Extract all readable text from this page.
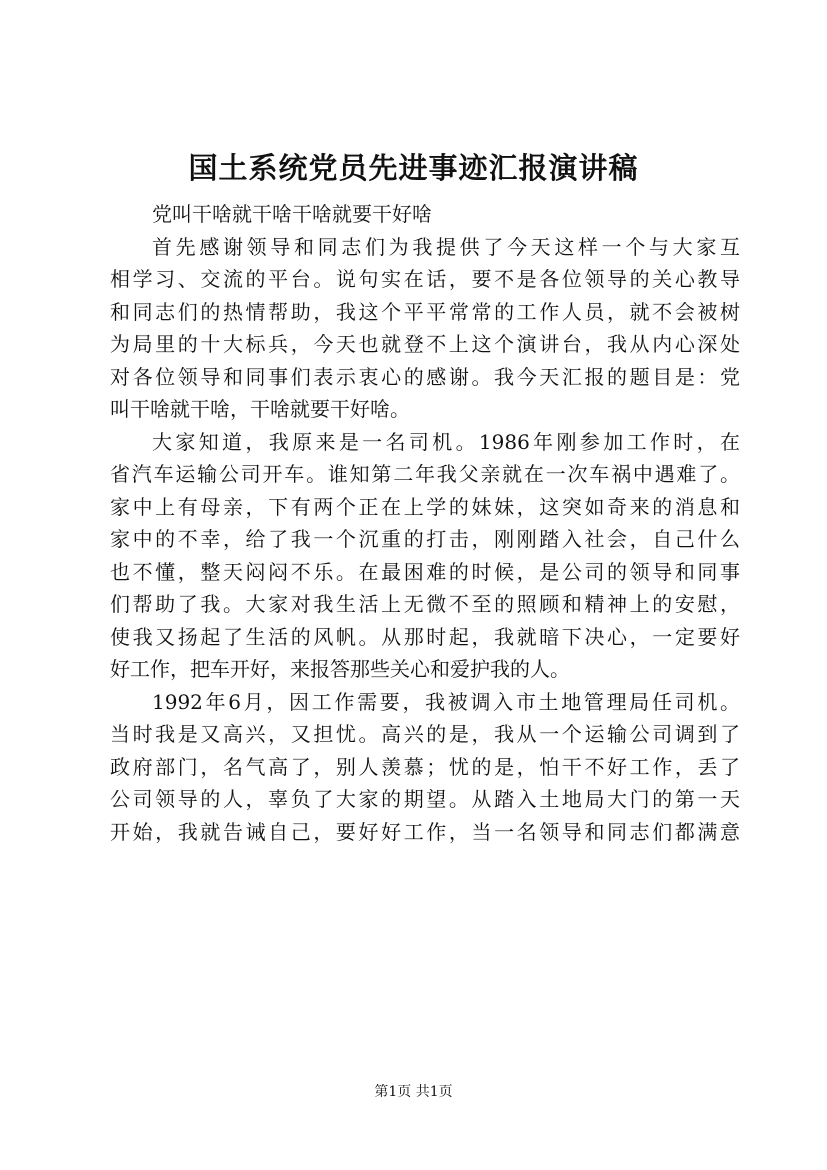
国土系统党员先进事迹汇报演讲稿
党叫干啥就干啥干啥就要干好啥
首先感谢领导和同志们为我提供了今天这样一个与大家互
相学习、交流的平台。说句实在话，要不是各位领导的关心教导
和同志们的热情帮助，我这个平平常常的工作人员，就不会被树
为局里的十大标兵，今天也就登不上这个演讲台，我从内心深处
对各位领导和同事们表示衷心的感谢。我今天汇报的题目是：党
叫干啥就干啥，干啥就要干好啥。
大家知道，我原来是一名司机。1986年刚参加工作时，在
省汽车运输公司开车。谁知第二年我父亲就在一次车祸中遇难了。
家中上有母亲，下有两个正在上学的妹妹，这突如奇来的消息和
家中的不幸，给了我一个沉重的打击，刚刚踏入社会，自己什么
也不懂，整天闷闷不乐。在最困难的时候，是公司的领导和同事
们帮助了我。大家对我生活上无微不至的照顾和精神上的安慰，
使我又扬起了生活的风帆。从那时起，我就暗下决心，一定要好
好工作，把车开好，来报答那些关心和爱护我的人。
1992年6月，因工作需要，我被调入市土地管理局任司机。
当时我是又高兴，又担忧。高兴的是，我从一个运输公司调到了
政府部门，名气高了，别人羡慕；忧的是，怕干不好工作，丢了
公司领导的人，辜负了大家的期望。从踏入土地局大门的第一天
开始，我就告诫自己，要好好工作，当一名领导和同志们都满意
第1页 共1页
